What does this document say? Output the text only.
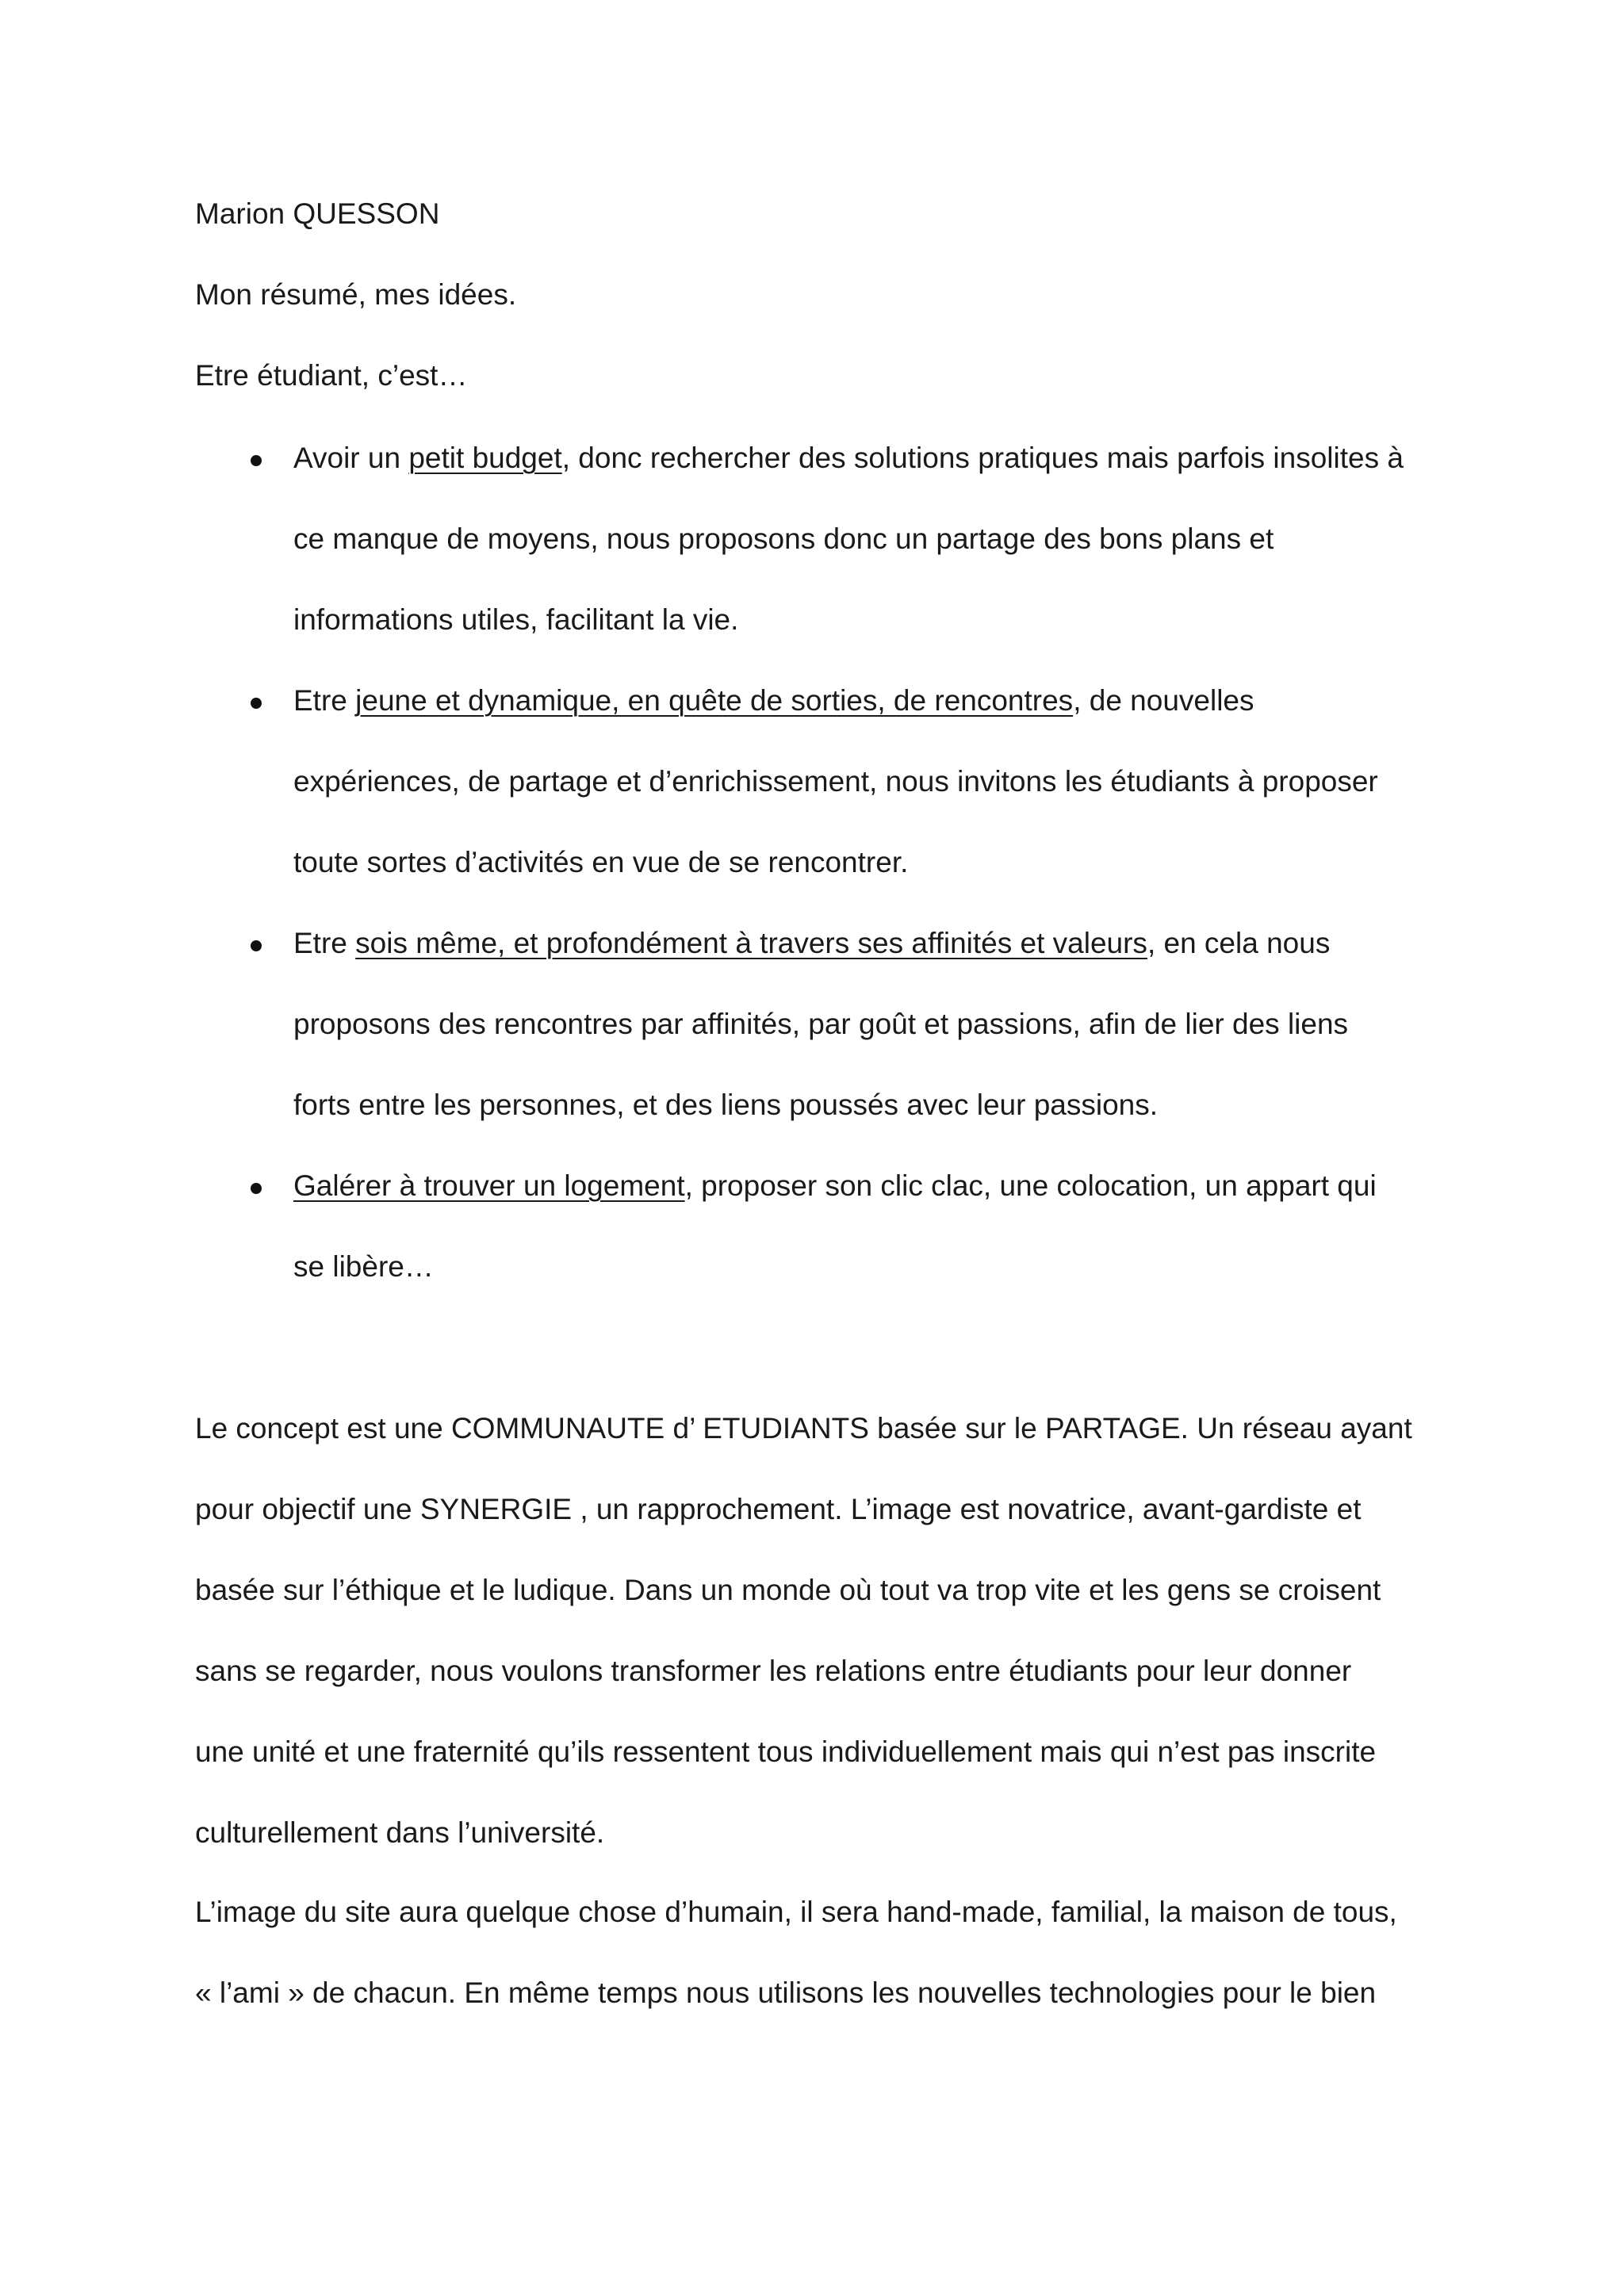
Marion QUESSON
Mon résumé, mes idées.
Etre étudiant, c’est…
Avoir un petit budget, donc rechercher des solutions pratiques mais parfois insolites à
ce manque de moyens, nous proposons donc un partage des bons plans et
informations utiles, facilitant la vie.
Etre jeune et dynamique, en quête de sorties, de rencontres, de nouvelles
expériences, de partage et d’enrichissement, nous invitons les étudiants à proposer
toute sortes d’activités en vue de se rencontrer.
Etre sois même, et profondément à travers ses affinités et valeurs, en cela nous
proposons des rencontres par affinités, par goût et passions, afin de lier des liens
forts entre les personnes, et des liens poussés avec leur passions.
Galérer à trouver un logement, proposer son clic clac, une colocation, un appart qui
se libère…
Le concept est une COMMUNAUTE d’ ETUDIANTS basée sur le PARTAGE. Un réseau ayant
pour objectif une SYNERGIE , un rapprochement. L’image est novatrice, avant-gardiste et
basée sur l’éthique et le ludique. Dans un monde où tout va trop vite et les gens se croisent
sans se regarder, nous voulons transformer les relations entre étudiants pour leur donner
une unité et une fraternité qu’ils ressentent tous individuellement mais qui n’est pas inscrite
culturellement dans l’université.
L’image du site aura quelque chose d’humain, il sera hand-made, familial, la maison de tous,
« l’ami » de chacun. En même temps nous utilisons les nouvelles technologies pour le bien
